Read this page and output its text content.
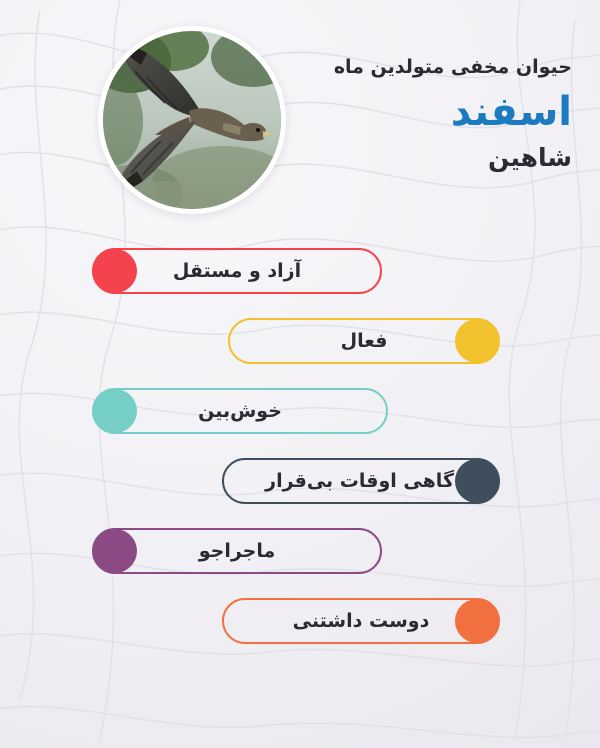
حیوان مخفی متولدین ماه
اسفند
شاهین
آزاد و مستقل
فعال
خوش‌بین
گاهی اوقات بی‌قرار
ماجراجو
دوست داشتنی
